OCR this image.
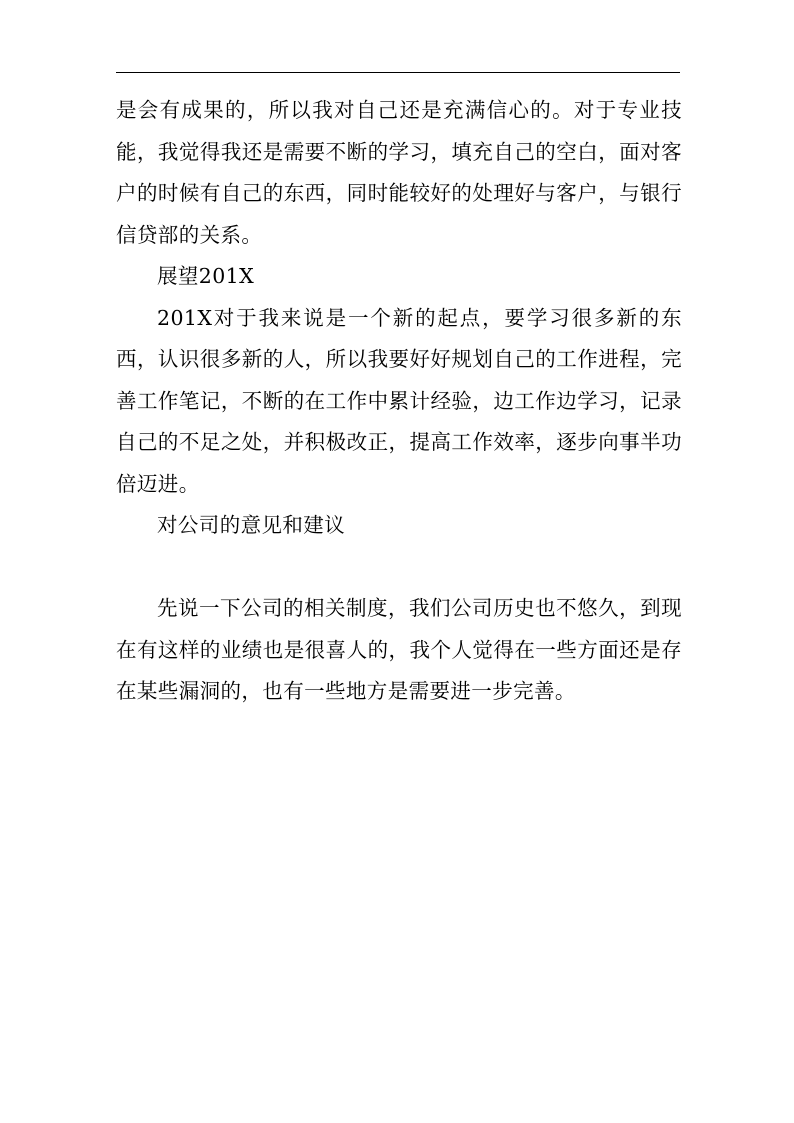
是会有成果的，所以我对自己还是充满信心的。对于专业技能，我觉得我还是需要不断的学习，填充自己的空白，面对客户的时候有自己的东西，同时能较好的处理好与客户，与银行信贷部的关系。

展望201X

201X对于我来说是一个新的起点，要学习很多新的东西，认识很多新的人，所以我要好好规划自己的工作进程，完善工作笔记，不断的在工作中累计经验，边工作边学习，记录自己的不足之处，并积极改正，提高工作效率，逐步向事半功倍迈进。

对公司的意见和建议

先说一下公司的相关制度，我们公司历史也不悠久，到现在有这样的业绩也是很喜人的，我个人觉得在一些方面还是存在某些漏洞的，也有一些地方是需要进一步完善。
